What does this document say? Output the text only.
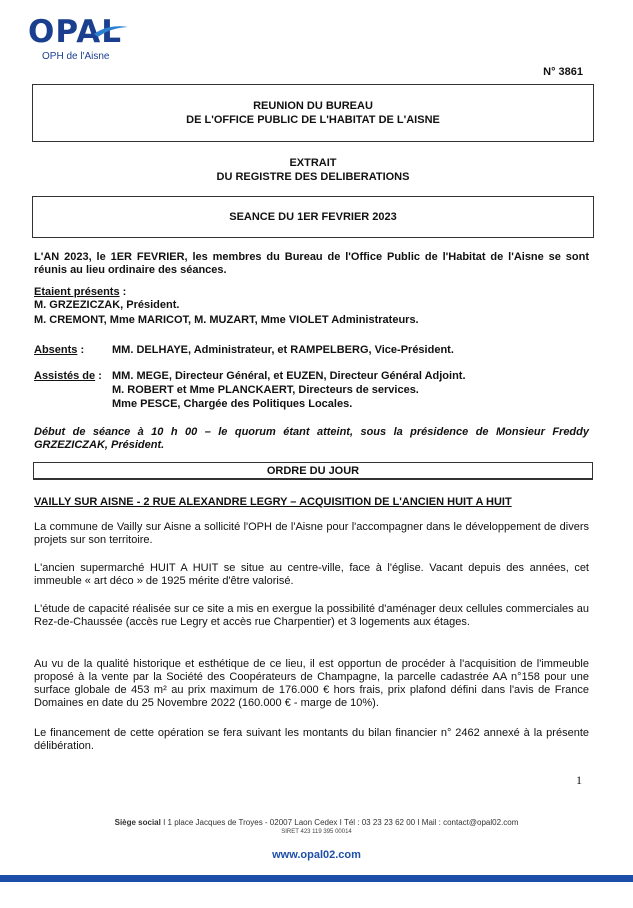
OPAL
OPH de l'Aisne
N° 3861
REUNION DU BUREAU
DE L'OFFICE PUBLIC DE L'HABITAT DE L'AISNE
EXTRAIT
DU REGISTRE DES DELIBERATIONS
SEANCE DU 1ER FEVRIER 2023
L'AN 2023, le 1ER FEVRIER, les membres du Bureau de l'Office Public de l'Habitat de l'Aisne se sont réunis au lieu ordinaire des séances.
Etaient présents :
M. GRZEZICZAK, Président.
M. CREMONT, Mme MARICOT, M. MUZART, Mme VIOLET Administrateurs.
Absents :	MM. DELHAYE, Administrateur, et RAMPELBERG, Vice-Président.
Assistés de : MM. MEGE, Directeur Général, et EUZEN, Directeur Général Adjoint.
M. ROBERT et Mme PLANCKAERT, Directeurs de services.
Mme PESCE, Chargée des Politiques Locales.
Début de séance à 10 h 00 – le quorum étant atteint, sous la présidence de Monsieur Freddy GRZEZICZAK, Président.
ORDRE DU JOUR
VAILLY SUR AISNE - 2 RUE ALEXANDRE LEGRY – ACQUISITION DE L'ANCIEN HUIT A HUIT
La commune de Vailly sur Aisne a sollicité l'OPH de l'Aisne pour l'accompagner dans le développement de divers projets sur son territoire.
L'ancien supermarché HUIT A HUIT se situe au centre-ville, face à l'église. Vacant depuis des années, cet immeuble « art déco » de 1925 mérite d'être valorisé.
L'étude de capacité réalisée sur ce site a mis en exergue la possibilité d'aménager deux cellules commerciales au Rez-de-Chaussée (accès rue Legry et accès rue Charpentier) et 3 logements aux étages.
Au vu de la qualité historique et esthétique de ce lieu, il est opportun de procéder à l'acquisition de l'immeuble proposé à la vente par la Société des Coopérateurs de Champagne, la parcelle cadastrée AA n°158 pour une surface globale de 453 m² au prix maximum de 176.000 € hors frais, prix plafond défini dans l'avis de France Domaines en date du 25 Novembre 2022 (160.000 € - marge de 10%).
Le financement de cette opération se fera suivant les montants du bilan financier n° 2462 annexé à la présente délibération.
1
Siège social I 1 place Jacques de Troyes - 02007 Laon Cedex I Tél : 03 23 23 62 00 I Mail : contact@opal02.com
SIRET 423 119 395 00014
www.opal02.com
